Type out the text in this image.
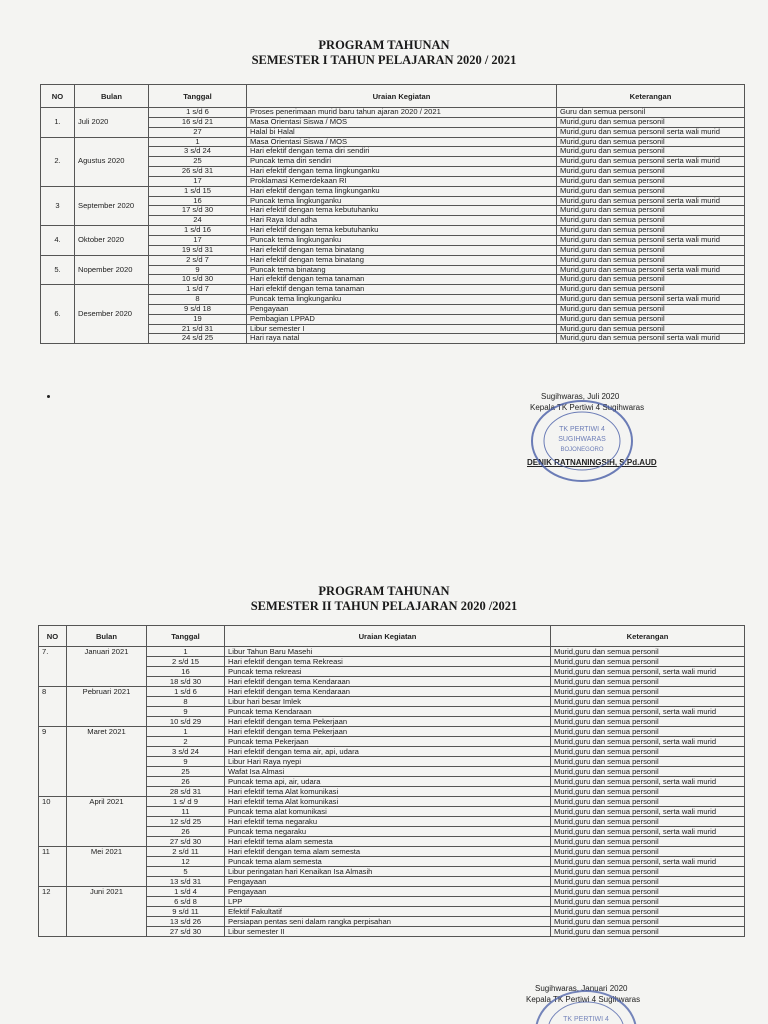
PROGRAM TAHUNAN
SEMESTER I TAHUN PELAJARAN 2020 / 2021
NO	Bulan	Tanggal	Uraian Kegiatan	Keterangan
1.	Juli 2020	1 s/d 6	Proses penerimaan murid baru tahun ajaran 2020 / 2021	Guru dan semua personil
		16 s/d 21	Masa Orientasi Siswa / MOS	Murid,guru dan semua personil
		27	Halal bi Halal	Murid,guru dan semua personil serta wali murid
2.	Agustus 2020	1	Masa Orientasi Siswa / MOS	Murid,guru dan semua personil
		3 s/d 24	Hari efektif dengan tema diri sendiri	Murid,guru dan semua personil
		25	Puncak tema diri sendiri	Murid,guru dan semua personil serta wali murid
		26 s/d 31	Hari efektif dengan tema lingkunganku	Murid,guru dan semua personil
		17	Proklamasi Kemerdekaan RI	Murid,guru dan semua personil
3	September 2020	1 s/d 15	Hari efektif dengan tema lingkunganku	Murid,guru dan semua personil
		16	Puncak tema lingkunganku	Murid,guru dan semua personil serta wali murid
		17 s/d 30	Hari efektif dengan tema kebutuhanku	Murid,guru dan semua personil
		24	Hari Raya Idul adha	Murid,guru dan semua personil
4.	Oktober 2020	1 s/d 16	Hari efektif dengan tema kebutuhanku	Murid,guru dan semua personil
		17	Puncak tema lingkunganku	Murid,guru dan semua personil serta wali murid
		19 s/d 31	Hari efektif dengan tema binatang	Murid,guru dan semua personil
5.	Nopember 2020	2 s/d 7	Hari efektif dengan tema binatang	Murid,guru dan semua personil
		9	Puncak tema binatang	Murid,guru dan semua personil serta wali murid
		10 s/d 30	Hari efektif dengan tema tanaman	Murid,guru dan semua personil
6.	Desember 2020	1 s/d 7	Hari efektif dengan tema tanaman	Murid,guru dan semua personil
		8	Puncak tema lingkunganku	Murid,guru dan semua personil serta wali murid
		9 s/d 18	Pengayaan	Murid,guru dan semua personil
		19	Pembagian LPPAD	Murid,guru dan semua personil
		21 s/d 31	Libur semester I	Murid,guru dan semua personil
		24 s/d 25	Hari raya natal	Murid,guru dan semua personil serta wali murid
Sugihwaras, Juli 2020
Kepala TK Pertiwi 4 Sugihwaras
DENIK RATNANINGSIH, S.Pd.AUD
TK PERTIWI 4
SUGIHWARAS
BOJONEGORO
PROGRAM TAHUNAN
SEMESTER II TAHUN PELAJARAN 2020 /2021
NO	Bulan	Tanggal	Uraian Kegiatan	Keterangan
7.	Januari 2021	1	Libur Tahun Baru Masehi	Murid,guru dan semua personil
		2 s/d 15	Hari efektif dengan tema Rekreasi	Murid,guru dan semua personil
		16	Puncak tema rekreasi	Murid,guru dan semua personil, serta wali murid
		18 s/d 30	Hari efektif dengan tema Kendaraan	Murid,guru dan semua personil
8	Pebruari 2021	1 s/d 6	Hari efektif dengan tema Kendaraan	Murid,guru dan semua personil
		8	Libur hari besar Imlek	Murid,guru dan semua personil
		9	Puncak tema Kendaraan	Murid,guru dan semua personil, serta wali murid
		10 s/d 29	Hari efektif dengan tema Pekerjaan	Murid,guru dan semua personil
9	Maret 2021	1	Hari efektif dengan tema Pekerjaan	Murid,guru dan semua personil
		2	Puncak tema Pekerjaan	Murid,guru dan semua personil, serta wali murid
		3 s/d 24	Hari efektif dengan tema air, api, udara	Murid,guru dan semua personil
		9	Libur Hari Raya nyepi	Murid,guru dan semua personil
		25	Wafat Isa Almasi	Murid,guru dan semua personil
		26	Puncak tema api, air, udara	Murid,guru dan semua personil, serta wali murid
		28 s/d 31	Hari efektif tema Alat komunikasi	Murid,guru dan semua personil
10	April 2021	1 s/ d 9	Hari efektif tema Alat komunikasi	Murid,guru dan semua personil
		11	Puncak tema alat komunikasi	Murid,guru dan semua personil, serta wali murid
		12 s/d 25	Hari efektif tema negaraku	Murid,guru dan semua personil
		26	Puncak tema negaraku	Murid,guru dan semua personil, serta wali murid
		27 s/d 30	Hari efektif tema alam semesta	Murid,guru dan semua personil
11	Mei 2021	2 s/d 11	Hari efektif dengan tema alam semesta	Murid,guru dan semua personil
		12	Puncak tema alam semesta	Murid,guru dan semua personil, serta wali murid
		5	Libur peringatan hari Kenaikan Isa Almasih	Murid,guru dan semua personil
		13 s/d 31	Pengayaan	Murid,guru dan semua personil
12	Juni 2021	1 s/d 4	Pengayaan	Murid,guru dan semua personil
		6 s/d 8	LPP	Murid,guru dan semua personil
		9 s/d 11	Efektif Fakultatif	Murid,guru dan semua personil
		13 s/d 26	Persiapan pentas seni dalam rangka perpisahan	Murid,guru dan semua personil
		27 s/d 30	Libur semester II	Murid,guru dan semua personil
Sugihwaras, Januari 2020
Kepala TK Pertiwi 4 Sugihwaras
TK PERTIWI 4
